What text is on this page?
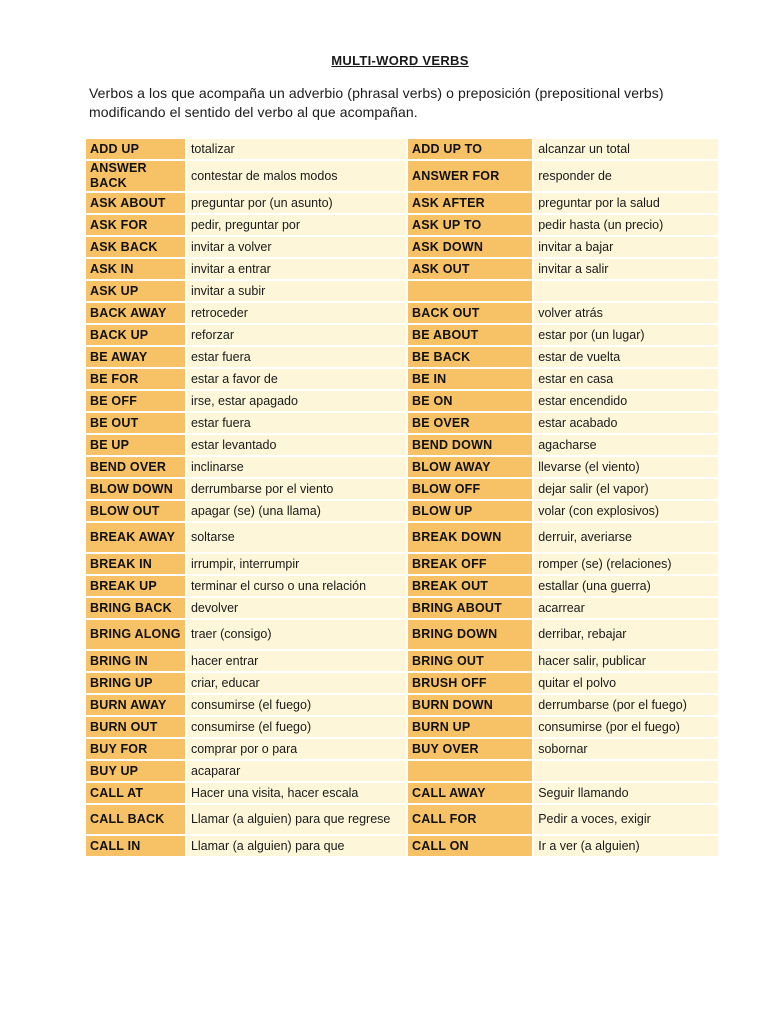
MULTI-WORD VERBS
Verbos a los que acompaña un adverbio (phrasal verbs) o preposición (prepositional verbs) modificando el sentido del verbo al que acompañan.
ADD UP	totalizar	ADD UP TO	alcanzar un total
ANSWER BACK	contestar de malos modos	ANSWER FOR	responder de
ASK ABOUT	preguntar por (un asunto)	ASK AFTER	preguntar por la salud
ASK FOR	pedir, preguntar por	ASK UP TO	pedir hasta (un precio)
ASK BACK	invitar a volver	ASK DOWN	invitar a bajar
ASK IN	invitar a entrar	ASK OUT	invitar a salir
ASK UP	invitar a subir		
BACK AWAY	retroceder	BACK OUT	volver atrás
BACK UP	reforzar	BE ABOUT	estar por (un lugar)
BE AWAY	estar fuera	BE BACK	estar de vuelta
BE FOR	estar a favor de	BE IN	estar en casa
BE OFF	irse, estar apagado	BE ON	estar encendido
BE OUT	estar fuera	BE OVER	estar acabado
BE UP	estar levantado	BEND DOWN	agacharse
BEND OVER	inclinarse	BLOW AWAY	llevarse (el viento)
BLOW DOWN	derrumbarse por el viento	BLOW OFF	dejar salir (el vapor)
BLOW OUT	apagar (se) (una llama)	BLOW UP	volar (con explosivos)
BREAK AWAY	soltarse	BREAK DOWN	derruir, averiarse
BREAK IN	irrumpir, interrumpir	BREAK OFF	romper (se) (relaciones)
BREAK UP	terminar el curso o una relación	BREAK OUT	estallar (una guerra)
BRING BACK	devolver	BRING ABOUT	acarrear
BRING ALONG	traer (consigo)	BRING DOWN	derribar, rebajar
BRING IN	hacer entrar	BRING OUT	hacer salir, publicar
BRING UP	criar, educar	BRUSH OFF	quitar el polvo
BURN AWAY	consumirse (el fuego)	BURN DOWN	derrumbarse (por el fuego)
BURN OUT	consumirse (el fuego)	BURN UP	consumirse (por el fuego)
BUY FOR	comprar por o para	BUY OVER	sobornar
BUY UP	acaparar		
CALL AT	Hacer una visita, hacer escala	CALL AWAY	Seguir llamando
CALL BACK	Llamar (a alguien) para que regrese	CALL FOR	Pedir a voces, exigir
CALL IN	Llamar (a alguien) para que	CALL ON	Ir a ver (a alguien)
